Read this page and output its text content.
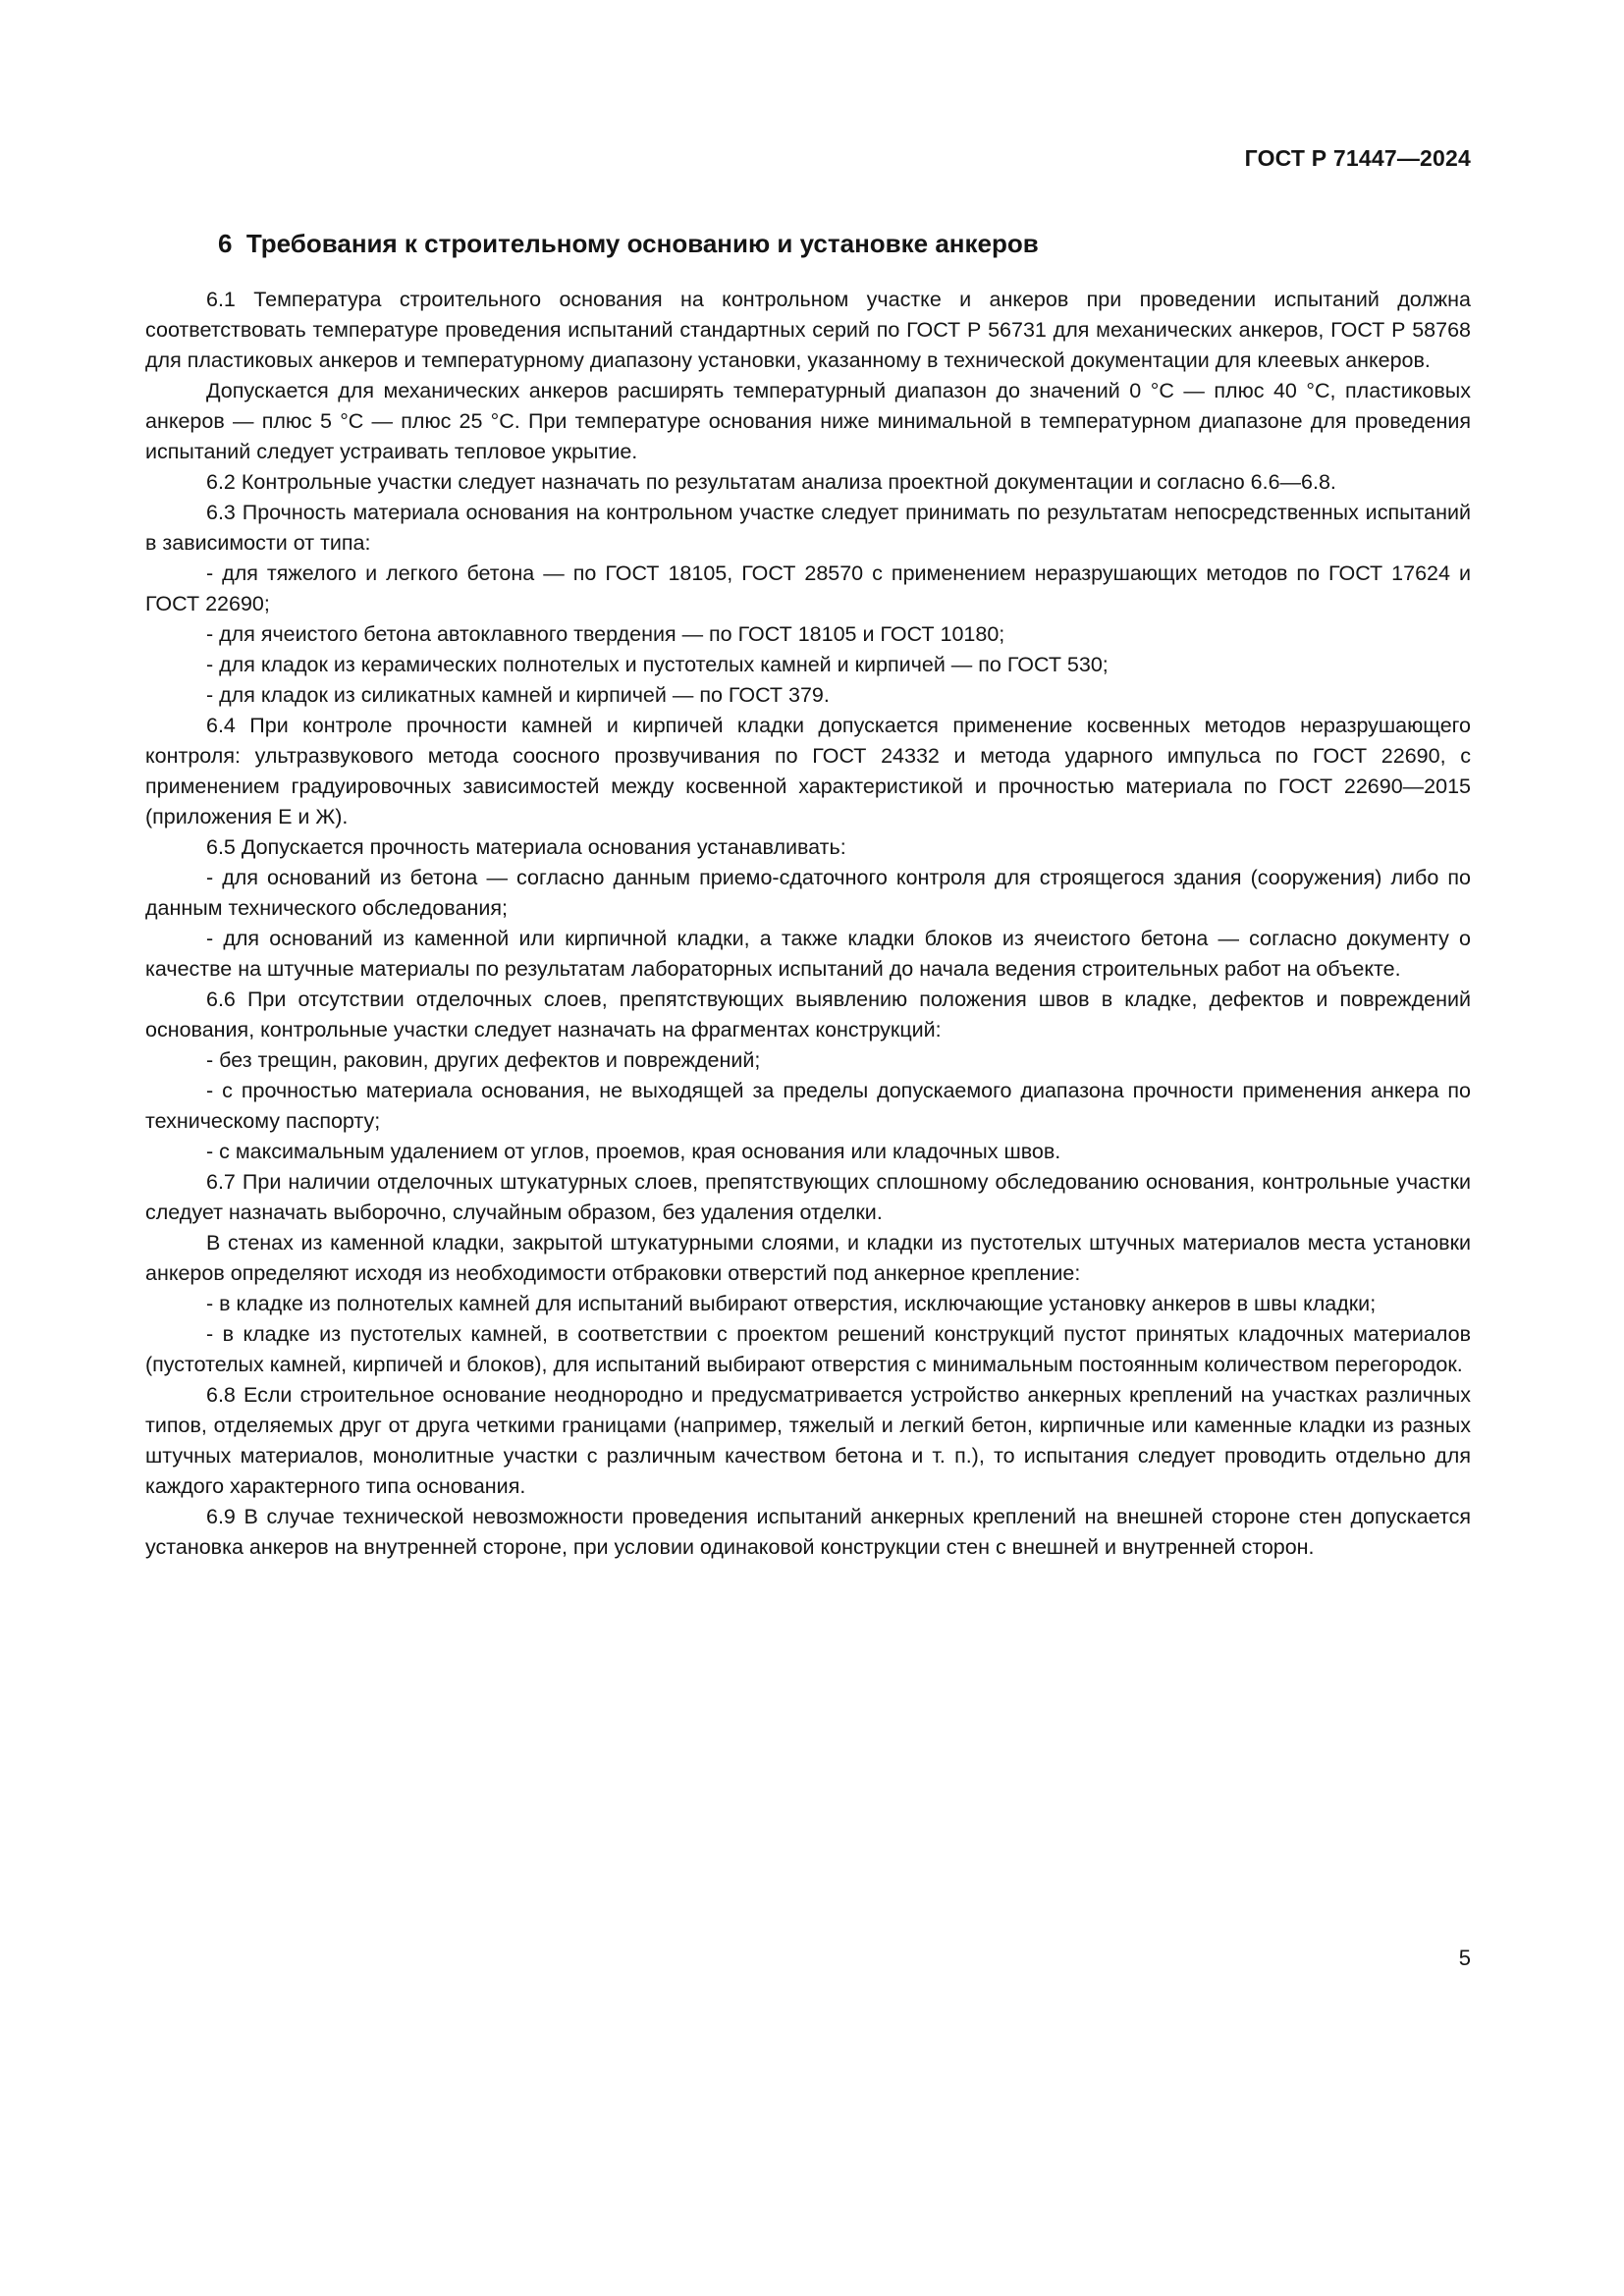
ГОСТ Р 71447—2024
6  Требования к строительному основанию и установке анкеров

6.1 Температура строительного основания на контрольном участке и анкеров при проведении испытаний должна соответствовать температуре проведения испытаний стандартных серий по ГОСТ Р 56731 для механических анкеров, ГОСТ Р 58768 для пластиковых анкеров и температурному диапазону установки, указанному в технической документации для клеевых анкеров.

Допускается для механических анкеров расширять температурный диапазон до значений 0 °С — плюс 40 °С, пластиковых анкеров — плюс 5 °С — плюс 25 °С. При температуре основания ниже минимальной в температурном диапазоне для проведения испытаний следует устраивать тепловое укрытие.

6.2 Контрольные участки следует назначать по результатам анализа проектной документации и согласно 6.6—6.8.

6.3 Прочность материала основания на контрольном участке следует принимать по результатам непосредственных испытаний в зависимости от типа:

- для тяжелого и легкого бетона — по ГОСТ 18105, ГОСТ 28570 с применением неразрушающих методов по ГОСТ 17624 и ГОСТ 22690;

- для ячеистого бетона автоклавного твердения — по ГОСТ 18105 и ГОСТ 10180;

- для кладок из керамических полнотелых и пустотелых камней и кирпичей — по ГОСТ 530;

- для кладок из силикатных камней и кирпичей — по ГОСТ 379.

6.4 При контроле прочности камней и кирпичей кладки допускается применение косвенных методов неразрушающего контроля: ультразвукового метода соосного прозвучивания по ГОСТ 24332 и метода ударного импульса по ГОСТ 22690, с применением градуировочных зависимостей между косвенной характеристикой и прочностью материала по ГОСТ 22690—2015 (приложения Е и Ж).

6.5 Допускается прочность материала основания устанавливать:

- для оснований из бетона — согласно данным приемо-сдаточного контроля для строящегося здания (сооружения) либо по данным технического обследования;

- для оснований из каменной или кирпичной кладки, а также кладки блоков из ячеистого бетона — согласно документу о качестве на штучные материалы по результатам лабораторных испытаний до начала ведения строительных работ на объекте.

6.6 При отсутствии отделочных слоев, препятствующих выявлению положения швов в кладке, дефектов и повреждений основания, контрольные участки следует назначать на фрагментах конструкций:

- без трещин, раковин, других дефектов и повреждений;

- с прочностью материала основания, не выходящей за пределы допускаемого диапазона прочности применения анкера по техническому паспорту;

- с максимальным удалением от углов, проемов, края основания или кладочных швов.

6.7 При наличии отделочных штукатурных слоев, препятствующих сплошному обследованию основания, контрольные участки следует назначать выборочно, случайным образом, без удаления отделки.

В стенах из каменной кладки, закрытой штукатурными слоями, и кладки из пустотелых штучных материалов места установки анкеров определяют исходя из необходимости отбраковки отверстий под анкерное крепление:

- в кладке из полнотелых камней для испытаний выбирают отверстия, исключающие установку анкеров в швы кладки;

- в кладке из пустотелых камней, в соответствии с проектом решений конструкций пустот принятых кладочных материалов (пустотелых камней, кирпичей и блоков), для испытаний выбирают отверстия с минимальным постоянным количеством перегородок.

6.8 Если строительное основание неоднородно и предусматривается устройство анкерных креплений на участках различных типов, отделяемых друг от друга четкими границами (например, тяжелый и легкий бетон, кирпичные или каменные кладки из разных штучных материалов, монолитные участки с различным качеством бетона и т. п.), то испытания следует проводить отдельно для каждого характерного типа основания.

6.9 В случае технической невозможности проведения испытаний анкерных креплений на внешней стороне стен допускается установка анкеров на внутренней стороне, при условии одинаковой конструкции стен с внешней и внутренней сторон.

5
